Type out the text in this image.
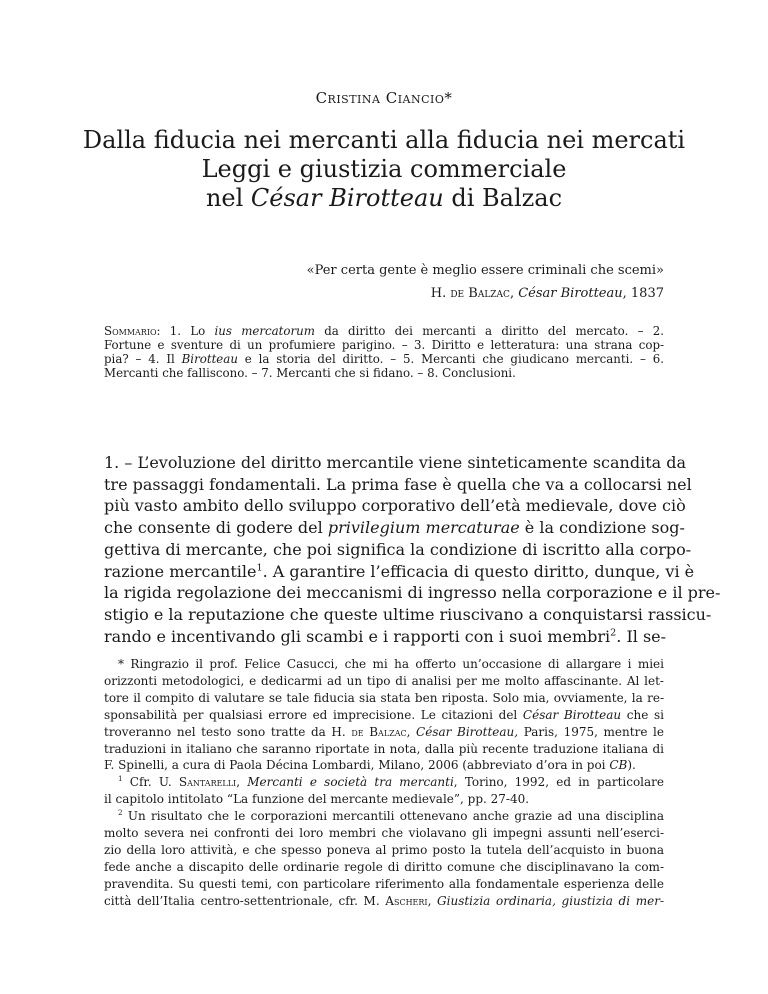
Cristina Ciancio*
Dalla fiducia nei mercanti alla fiducia nei mercati
Leggi e giustizia commerciale
nel César Birotteau di Balzac
«Per certa gente è meglio essere criminali che scemi»
H. de Balzac, César Birotteau, 1837
Sommario: 1. Lo ius mercatorum da diritto dei mercanti a diritto del mercato. – 2.
Fortune e sventure di un profumiere parigino. – 3. Diritto e letteratura: una strana cop-
pia? – 4. Il Birotteau e la storia del diritto. – 5. Mercanti che giudicano mercanti. – 6.
Mercanti che falliscono. – 7. Mercanti che si fidano. – 8. Conclusioni.
1. – L’evoluzione del diritto mercantile viene sinteticamente scandita da
tre passaggi fondamentali. La prima fase è quella che va a collocarsi nel
più vasto ambito dello sviluppo corporativo dell’età medievale, dove ciò
che consente di godere del privilegium mercaturae è la condizione sog-
gettiva di mercante, che poi significa la condizione di iscritto alla corpo-
razione mercantile$^1$. A garantire l’efficacia di questo diritto, dunque, vi è
la rigida regolazione dei meccanismi di ingresso nella corporazione e il pre-
stigio e la reputazione che queste ultime riuscivano a conquistarsi rassicu-
rando e incentivando gli scambi e i rapporti con i suoi membri$^2$. Il se-
* Ringrazio il prof. Felice Casucci, che mi ha offerto un’occasione di allargare i miei
orizzonti metodologici, e dedicarmi ad un tipo di analisi per me molto affascinante. Al let-
tore il compito di valutare se tale fiducia sia stata ben riposta. Solo mia, ovviamente, la re-
sponsabilità per qualsiasi errore ed imprecisione. Le citazioni del César Birotteau che si
troveranno nel testo sono tratte da H. de Balzac, César Birotteau, Paris, 1975, mentre le
traduzioni in italiano che saranno riportate in nota, dalla più recente traduzione italiana di
F. Spinelli, a cura di Paola Décina Lombardi, Milano, 2006 (abbreviato d’ora in poi CB).
$^1$ Cfr. U. Santarelli, Mercanti e società tra mercanti, Torino, 1992, ed in particolare
il capitolo intitolato “La funzione del mercante medievale”, pp. 27-40.
$^2$ Un risultato che le corporazioni mercantili ottenevano anche grazie ad una disciplina
molto severa nei confronti dei loro membri che violavano gli impegni assunti nell’eserci-
zio della loro attività, e che spesso poneva al primo posto la tutela dell’acquisto in buona
fede anche a discapito delle ordinarie regole di diritto comune che disciplinavano la com-
pravendita. Su questi temi, con particolare riferimento alla fondamentale esperienza delle
città dell’Italia centro-settentrionale, cfr. M. Ascheri, Giustizia ordinaria, giustizia di mer-
